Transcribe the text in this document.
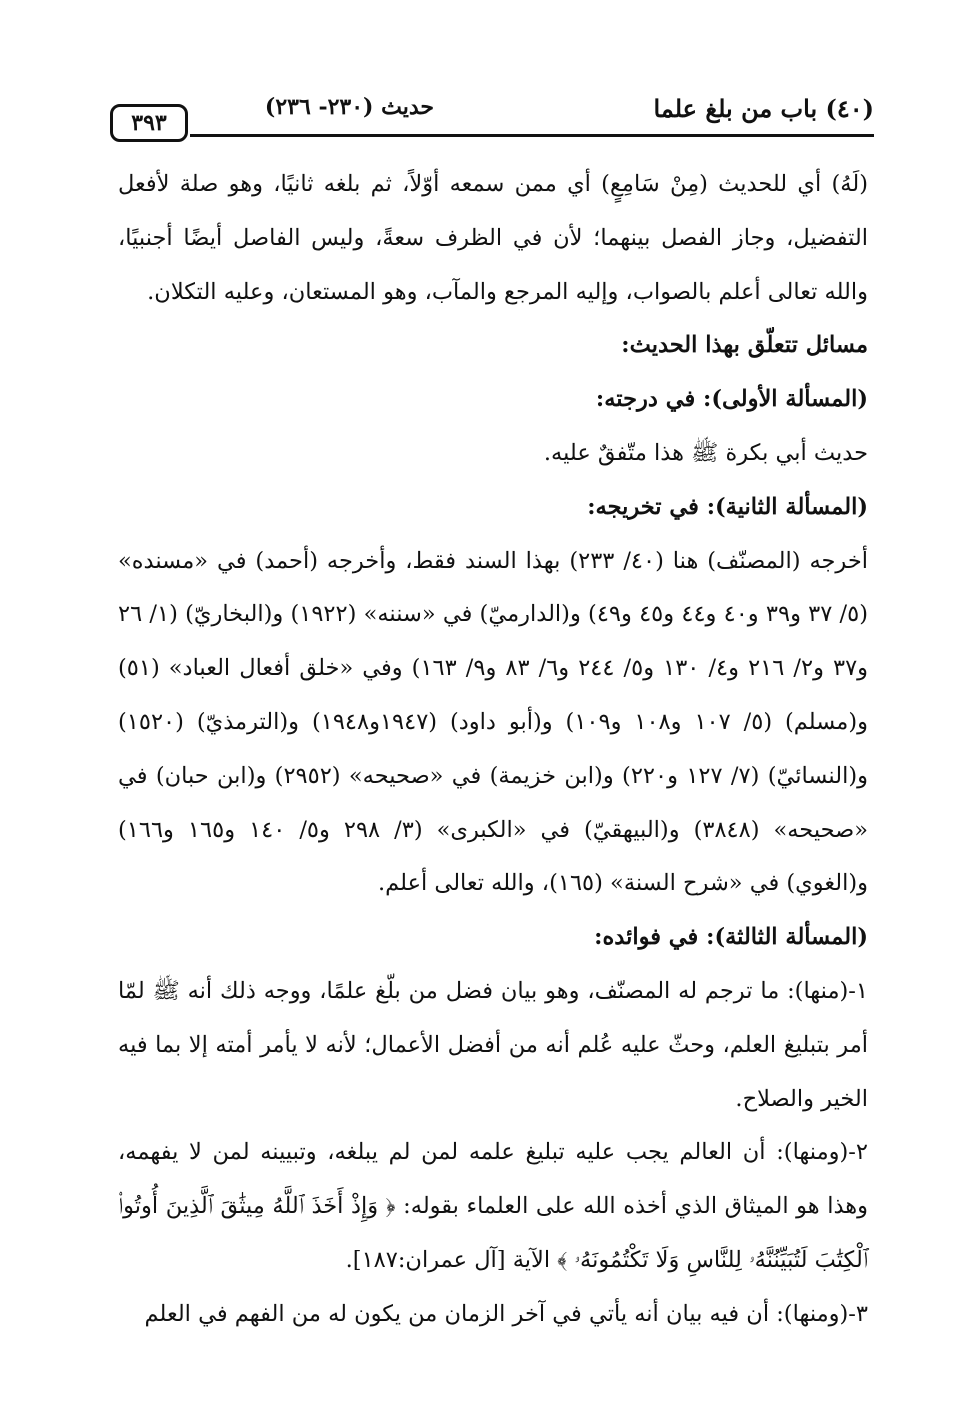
(٤٠) باب من بلغ علما
حديث (٢٣٠- ٢٣٦)
٣٩٣

(لَهُ) أي للحديث (مِنْ سَامِعٍ) أي ممن سمعه أوّلاً، ثم بلغه ثانيًا، وهو صلة لأفعل التفضيل، وجاز الفصل بينهما؛ لأن في الظرف سعةً، وليس الفاصل أيضًا أجنبيًا، والله تعالى أعلم بالصواب، وإليه المرجع والمآب، وهو المستعان، وعليه التكلان.

مسائل تتعلّق بهذا الحديث:

(المسألة الأولى): في درجته:

حديث أبي بكرة ﷺ هذا متّفقٌ عليه.

(المسألة الثانية): في تخريجه:

أخرجه (المصنّف) هنا (٤٠/ ٢٣٣) بهذا السند فقط، وأخرجه (أحمد) في «مسنده» (٥/ ٣٧ و٣٩ و٤٠ و٤٤ و٤٥ و٤٩) و(الدارميّ) في «سننه» (١٩٢٢) و(البخاريّ) (١/ ٢٦ و٣٧ و٢/ ٢١٦ و٤/ ١٣٠ و٥/ ٢٤٤ و٦/ ٨٣ و٩/ ١٦٣) وفي «خلق أفعال العباد» (٥١) و(مسلم) (٥/ ١٠٧ و١٠٨ و١٠٩) و(أبو داود) (١٩٤٧و١٩٤٨) و(الترمذيّ) (١٥٢٠) و(النسائيّ) (٧/ ١٢٧ و٢٢٠) و(ابن خزيمة) في «صحيحه» (٢٩٥٢) و(ابن حبان) في «صحيحه» (٣٨٤٨) و(البيهقيّ) في «الكبرى» (٣/ ٢٩٨ و٥/ ١٤٠ و١٦٥ و١٦٦) و(الغوي) في «شرح السنة» (١٦٥)، والله تعالى أعلم.

(المسألة الثالثة): في فوائده:

١-(منها): ما ترجم له المصنّف، وهو بيان فضل من بلّغ علمًا، ووجه ذلك أنه ﷺ لمّا أمر بتبليغ العلم، وحثّ عليه عُلم أنه من أفضل الأعمال؛ لأنه لا يأمر أمته إلا بما فيه الخير والصلاح.

٢-(ومنها): أن العالم يجب عليه تبليغ علمه لمن لم يبلغه، وتبيينه لمن لا يفهمه، وهذا هو الميثاق الذي أخذه الله على العلماء بقوله: ﴿ وَإِذْ أَخَذَ ٱللَّهُ مِيثَٰقَ ٱلَّذِينَ أُوتُوا۟ ٱلْكِتَٰبَ لَتُبَيِّنُنَّهُۥ لِلنَّاسِ وَلَا تَكْتُمُونَهُۥ ﴾ الآية [آل عمران:١٨٧].

٣-(ومنها): أن فيه بيان أنه يأتي في آخر الزمان من يكون له من الفهم في العلم
